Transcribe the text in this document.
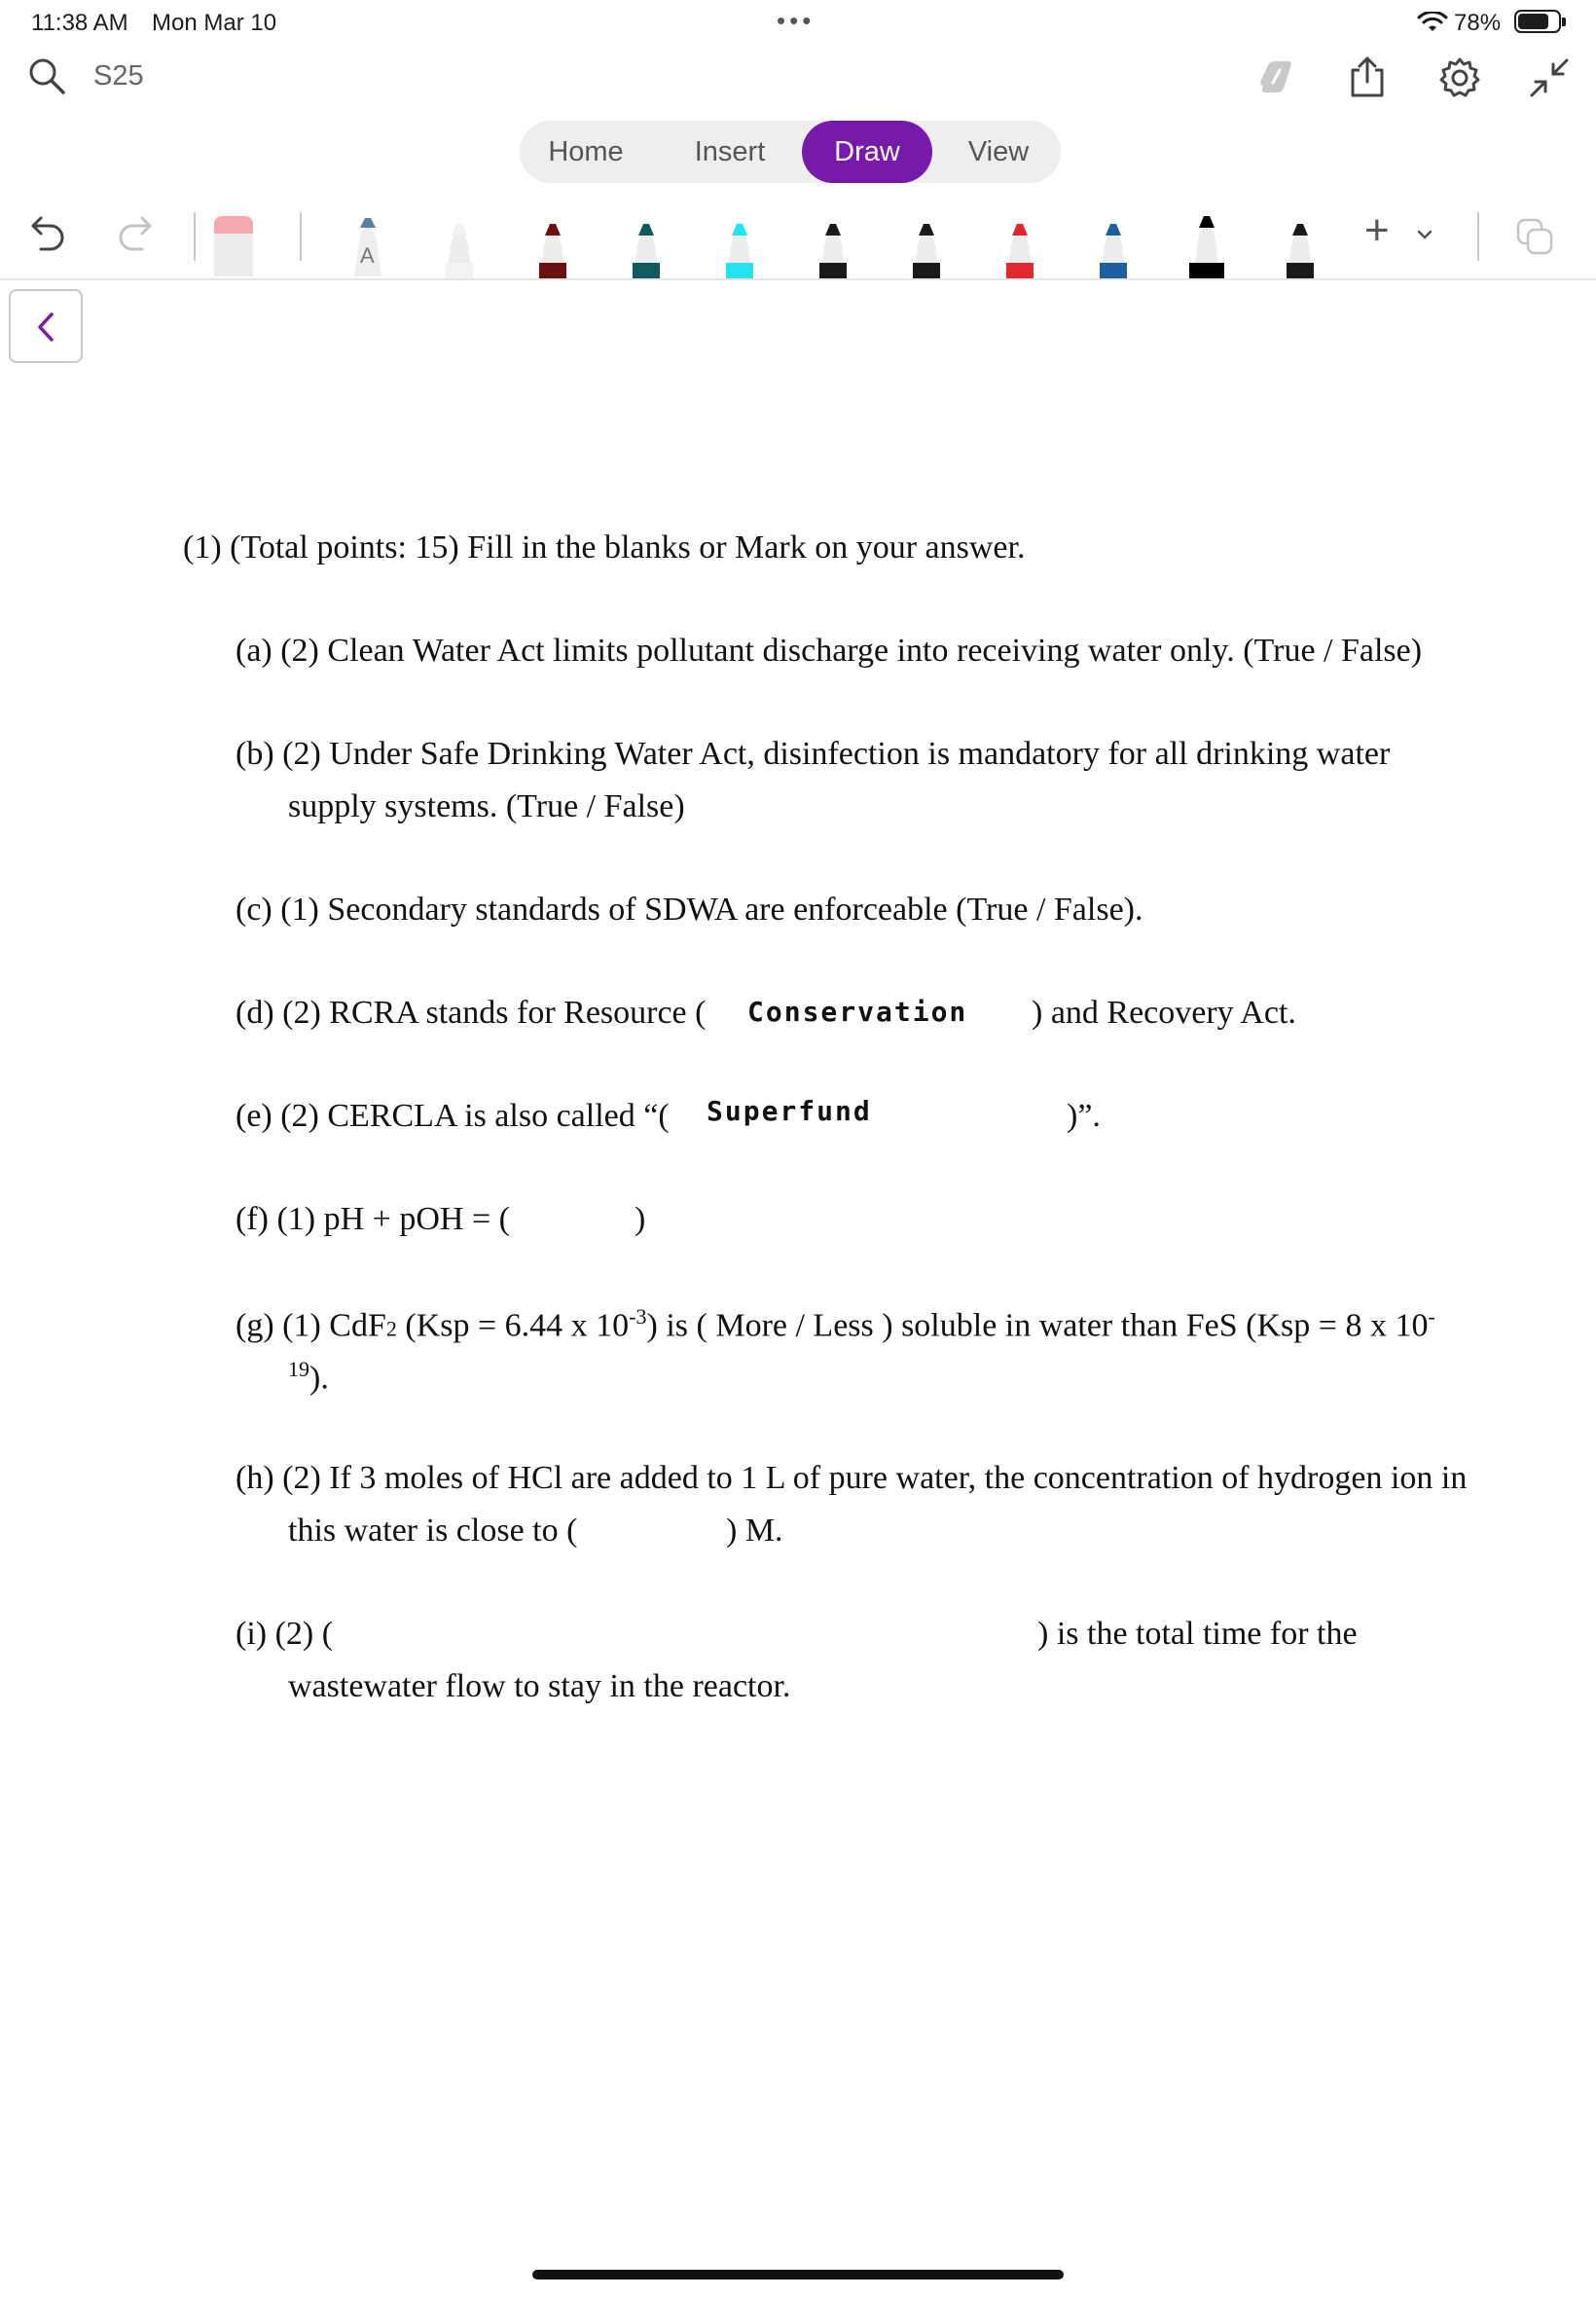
11:38 AM Mon Mar 10	•••	78%
S25
Home	Insert	Draw	View
A
+

(1) (Total points: 15) Fill in the blanks or Mark on your answer.

(a) (2) Clean Water Act limits pollutant discharge into receiving water only. (True / False)

(b) (2) Under Safe Drinking Water Act, disinfection is mandatory for all drinking water

supply systems. (True / False)

(c) (1) Secondary standards of SDWA are enforceable (True / False).

(d) (2) RCRA stands for Resource ( Conservation ) and Recovery Act.

(e) (2) CERCLA is also called “( Superfund	)”.

(f) (1) pH + pOH = (	)

(g) (1) CdF2 (Ksp = 6.44 x $10^{-3}$) is ( More / Less ) soluble in water than FeS (Ksp = 8 x 10-

$^{19}$).

(h) (2) If 3 moles of HCl are added to 1 L of pure water, the concentration of hydrogen ion in

this water is close to (	) M.

(i) (2) (	) is the total time for the

wastewater flow to stay in the reactor.
